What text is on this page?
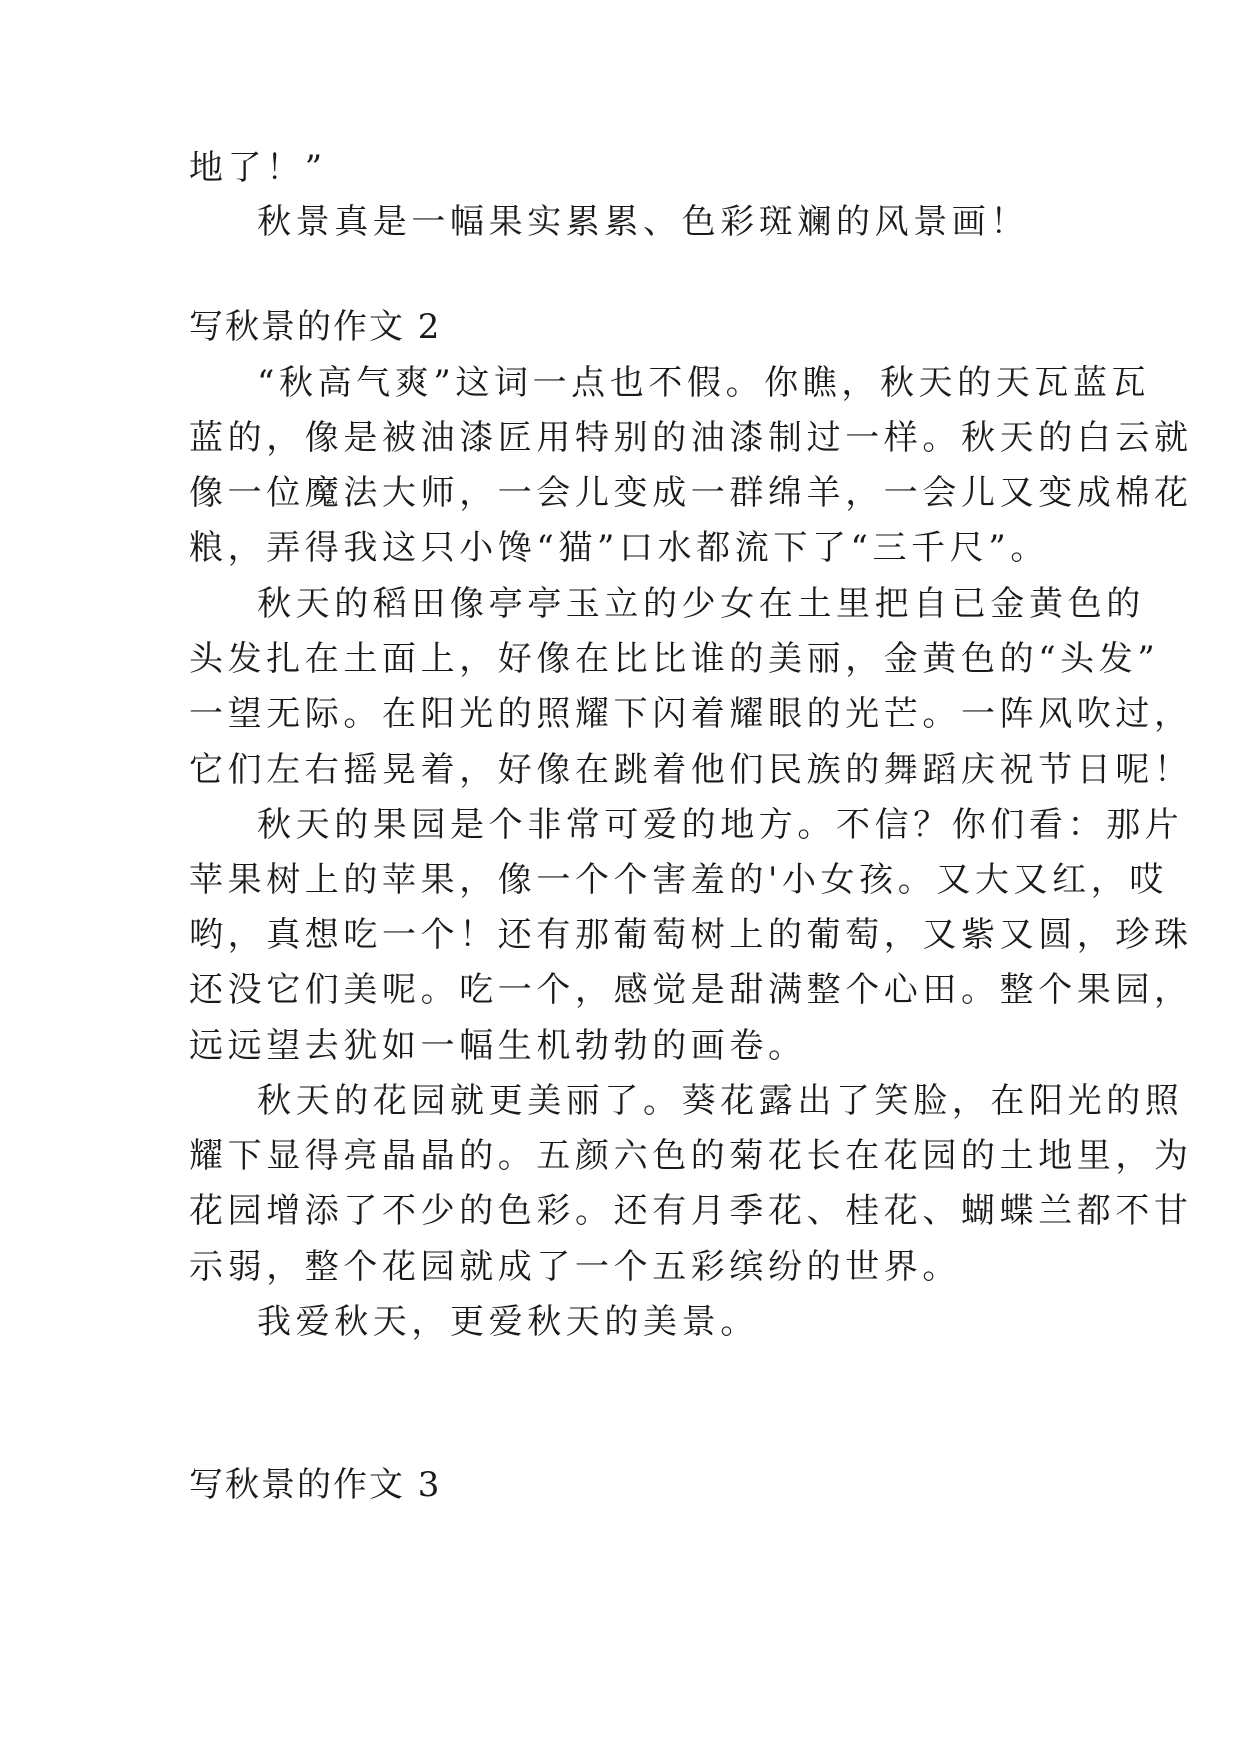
地了！”
秋景真是一幅果实累累、色彩斑斓的风景画！
写秋景的作文 2
“秋高气爽”这词一点也不假。你瞧，秋天的天瓦蓝瓦
蓝的，像是被油漆匠用特别的油漆制过一样。秋天的白云就
像一位魔法大师，一会儿变成一群绵羊，一会儿又变成棉花
粮，弄得我这只小馋“猫”口水都流下了“三千尺”。
秋天的稻田像亭亭玉立的少女在土里把自已金黄色的
头发扎在土面上，好像在比比谁的美丽，金黄色的“头发”
一望无际。在阳光的照耀下闪着耀眼的光芒。一阵风吹过，
它们左右摇晃着，好像在跳着他们民族的舞蹈庆祝节日呢！
秋天的果园是个非常可爱的地方。不信？你们看：那片
苹果树上的苹果，像一个个害羞的'小女孩。又大又红，哎
哟，真想吃一个！还有那葡萄树上的葡萄，又紫又圆，珍珠
还没它们美呢。吃一个，感觉是甜满整个心田。整个果园，
远远望去犹如一幅生机勃勃的画卷。
秋天的花园就更美丽了。葵花露出了笑脸，在阳光的照
耀下显得亮晶晶的。五颜六色的菊花长在花园的土地里，为
花园增添了不少的色彩。还有月季花、桂花、蝴蝶兰都不甘
示弱，整个花园就成了一个五彩缤纷的世界。
我爱秋天，更爱秋天的美景。
写秋景的作文 3
